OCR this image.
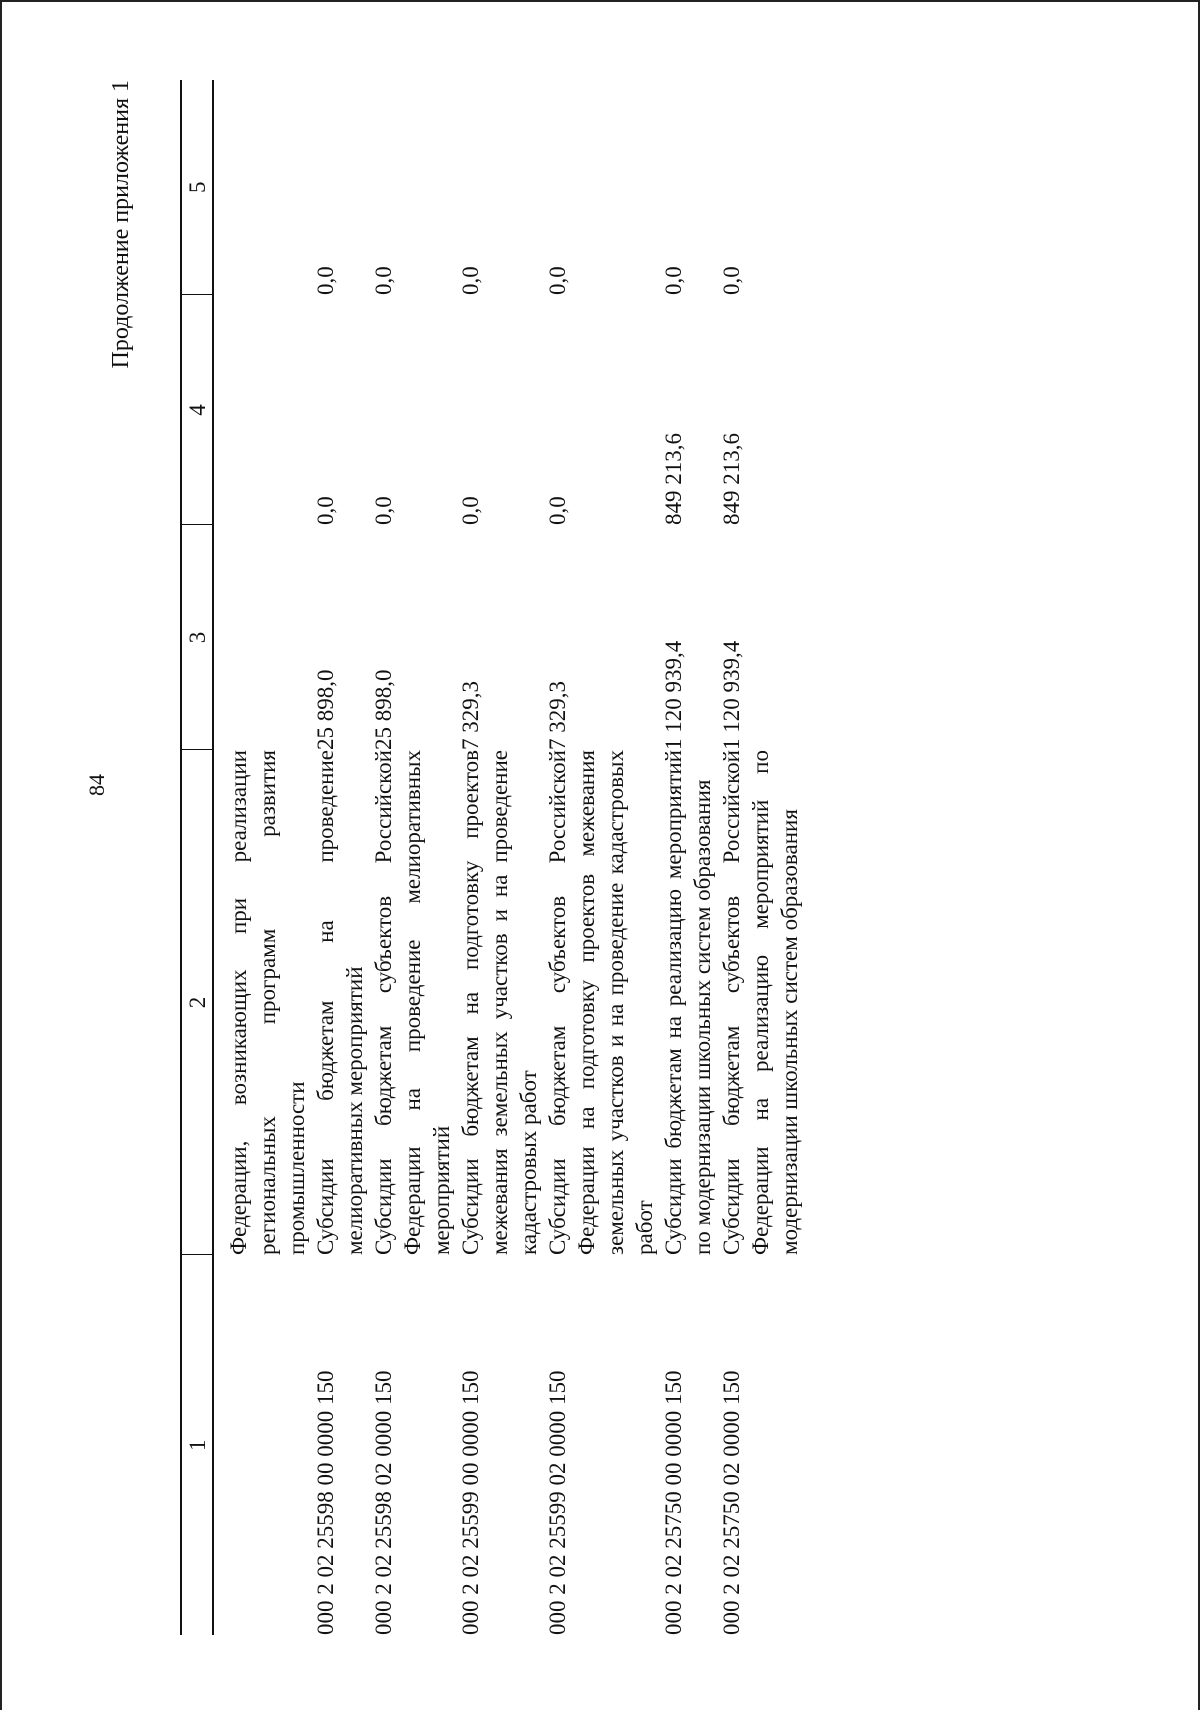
84
Продолжение приложения 1
1	2	3	4	5
	Федерации, возникающих при реализации региональных программ развития промышленности			
000 2 02 25598 00 0000 150	Субсидии бюджетам на проведение мелиоративных мероприятий	25 898,0	0,0	0,0
000 2 02 25598 02 0000 150	Субсидии бюджетам субъектов Российской Федерации на проведение мелиоративных мероприятий	25 898,0	0,0	0,0
000 2 02 25599 00 0000 150	Субсидии бюджетам на подготовку проектов межевания земельных участков и на проведение кадастровых работ	7 329,3	0,0	0,0
000 2 02 25599 02 0000 150	Субсидии бюджетам субъектов Российской Федерации на подготовку проектов межевания земельных участков и на проведение кадастровых работ	7 329,3	0,0	0,0
000 2 02 25750 00 0000 150	Субсидии бюджетам на реализацию мероприятий по модернизации школьных систем образования	1 120 939,4	849 213,6	0,0
000 2 02 25750 02 0000 150	Субсидии бюджетам субъектов Российской Федерации на реализацию мероприятий по модернизации школьных систем образования	1 120 939,4	849 213,6	0,0
